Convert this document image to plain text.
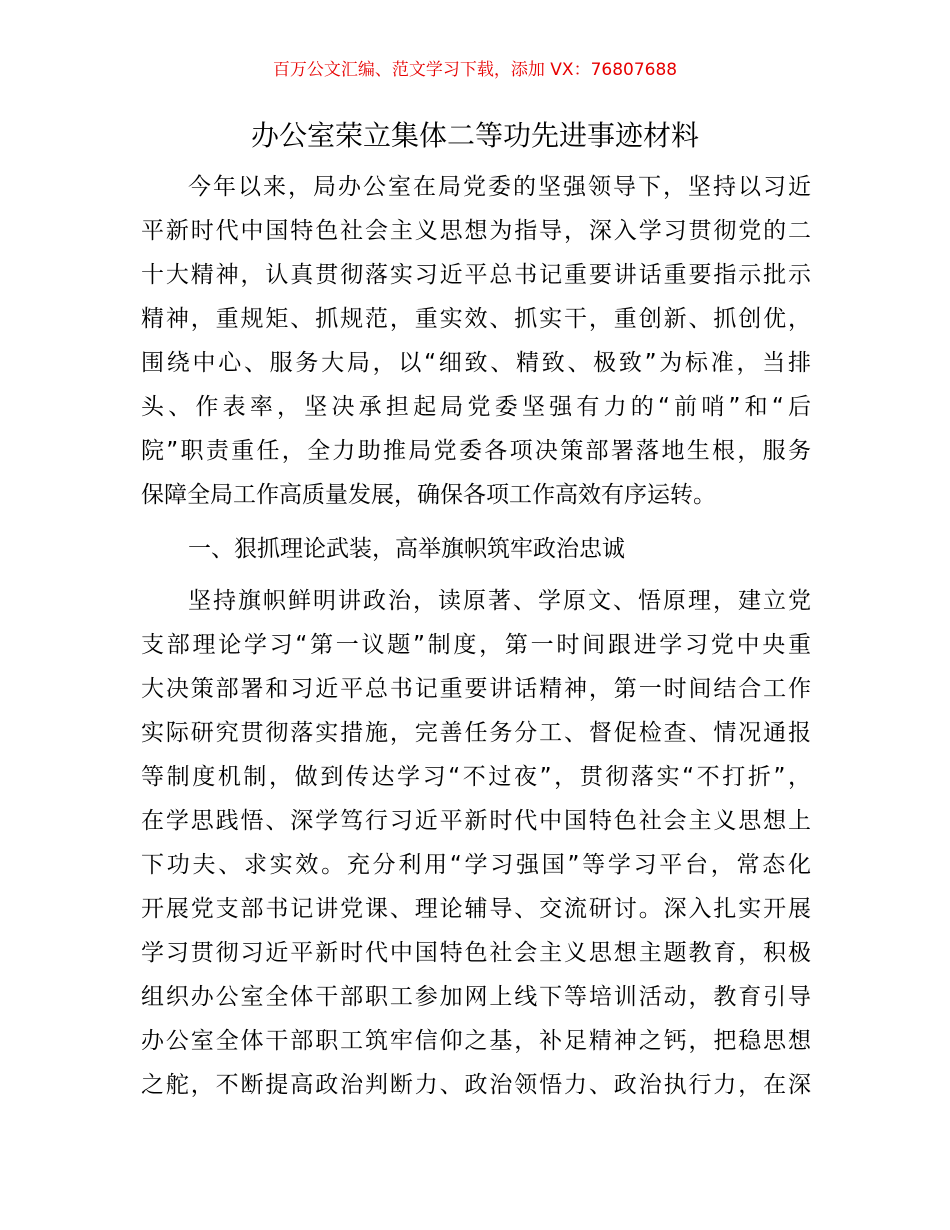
百万公文汇编、范文学习下载，添加 VX：76807688
办公室荣立集体二等功先进事迹材料
今年以来，局办公室在局党委的坚强领导下，坚持以习近
平新时代中国特色社会主义思想为指导，深入学习贯彻党的二
十大精神，认真贯彻落实习近平总书记重要讲话重要指示批示
精神，重规矩、抓规范，重实效、抓实干，重创新、抓创优，
围绕中心、服务大局，以“细致、精致、极致”为标准，当排
头、作表率，坚决承担起局党委坚强有力的“前哨”和“后
院”职责重任，全力助推局党委各项决策部署落地生根，服务
保障全局工作高质量发展，确保各项工作高效有序运转。
一、狠抓理论武装，高举旗帜筑牢政治忠诚
坚持旗帜鲜明讲政治，读原著、学原文、悟原理，建立党
支部理论学习“第一议题”制度，第一时间跟进学习党中央重
大决策部署和习近平总书记重要讲话精神，第一时间结合工作
实际研究贯彻落实措施，完善任务分工、督促检查、情况通报
等制度机制，做到传达学习“不过夜”，贯彻落实“不打折”，
在学思践悟、深学笃行习近平新时代中国特色社会主义思想上
下功夫、求实效。充分利用“学习强国”等学习平台，常态化
开展党支部书记讲党课、理论辅导、交流研讨。深入扎实开展
学习贯彻习近平新时代中国特色社会主义思想主题教育，积极
组织办公室全体干部职工参加网上线下等培训活动，教育引导
办公室全体干部职工筑牢信仰之基，补足精神之钙，把稳思想
之舵，不断提高政治判断力、政治领悟力、政治执行力，在深
